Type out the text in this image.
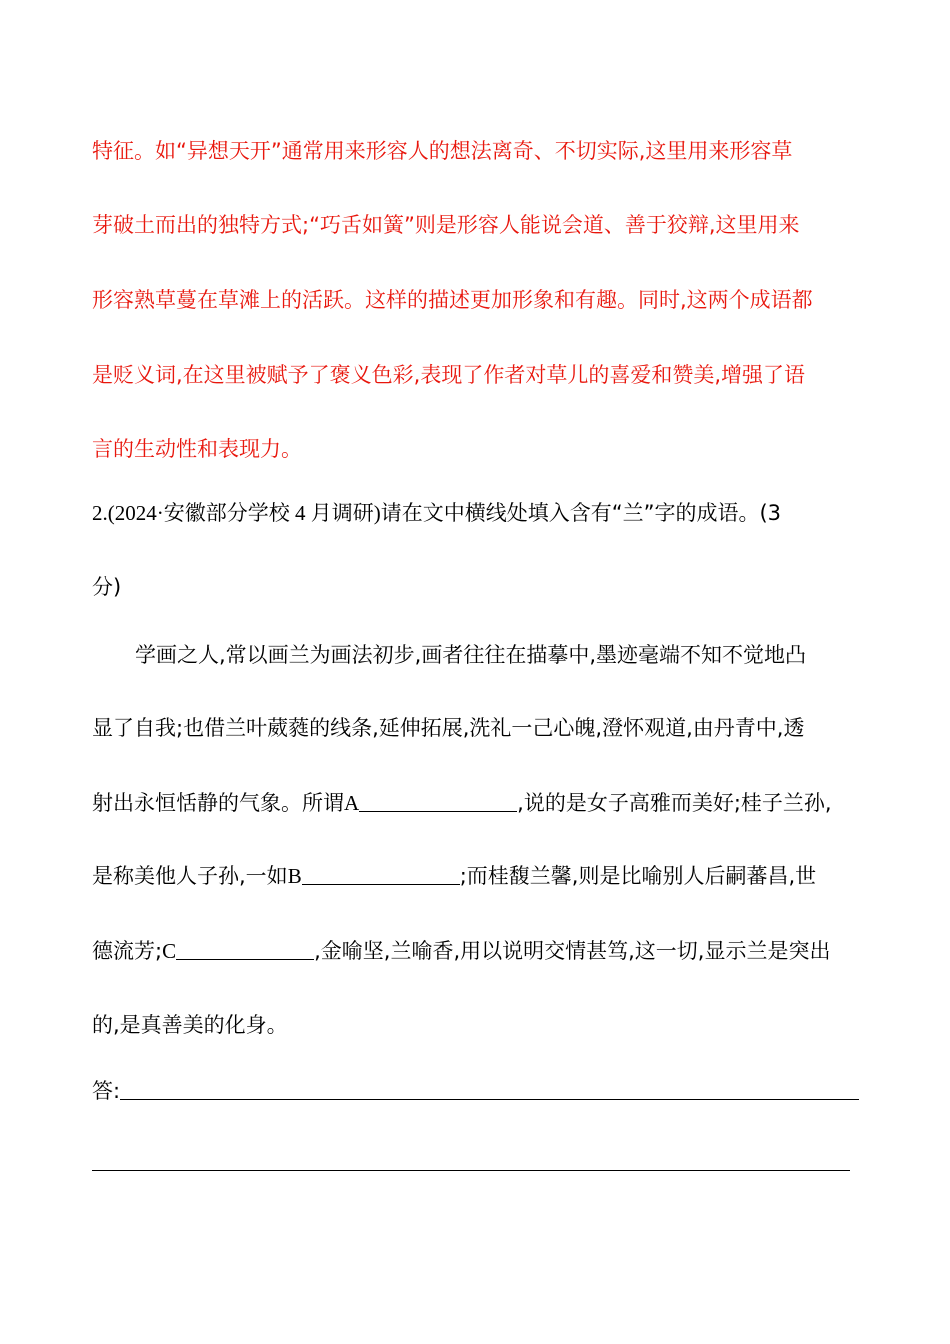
特征。如“异想天开”通常用来形容人的想法离奇、不切实际,这里用来形容草
芽破土而出的独特方式;“巧舌如簧”则是形容人能说会道、善于狡辩,这里用来
形容熟草蔓在草滩上的活跃。这样的描述更加形象和有趣。同时,这两个成语都
是贬义词,在这里被赋予了褒义色彩,表现了作者对草儿的喜爱和赞美,增强了语
言的生动性和表现力。
2.(2024·安徽部分学校 4 月调研)请在文中横线处填入含有“兰”字的成语。(3
分)
学画之人,常以画兰为画法初步,画者往往在描摹中,墨迹毫端不知不觉地凸
显了自我;也借兰叶葳蕤的线条,延伸拓展,洗礼一己心魄,澄怀观道,由丹青中,透
射出永恒恬静的气象。所谓A	,说的是女子高雅而美好;桂子兰孙,
是称美他人子孙,一如B	;而桂馥兰馨,则是比喻别人后嗣蕃昌,世
德流芳;C	,金喻坚,兰喻香,用以说明交情甚笃,这一切,显示兰是突出
的,是真善美的化身。
答:
